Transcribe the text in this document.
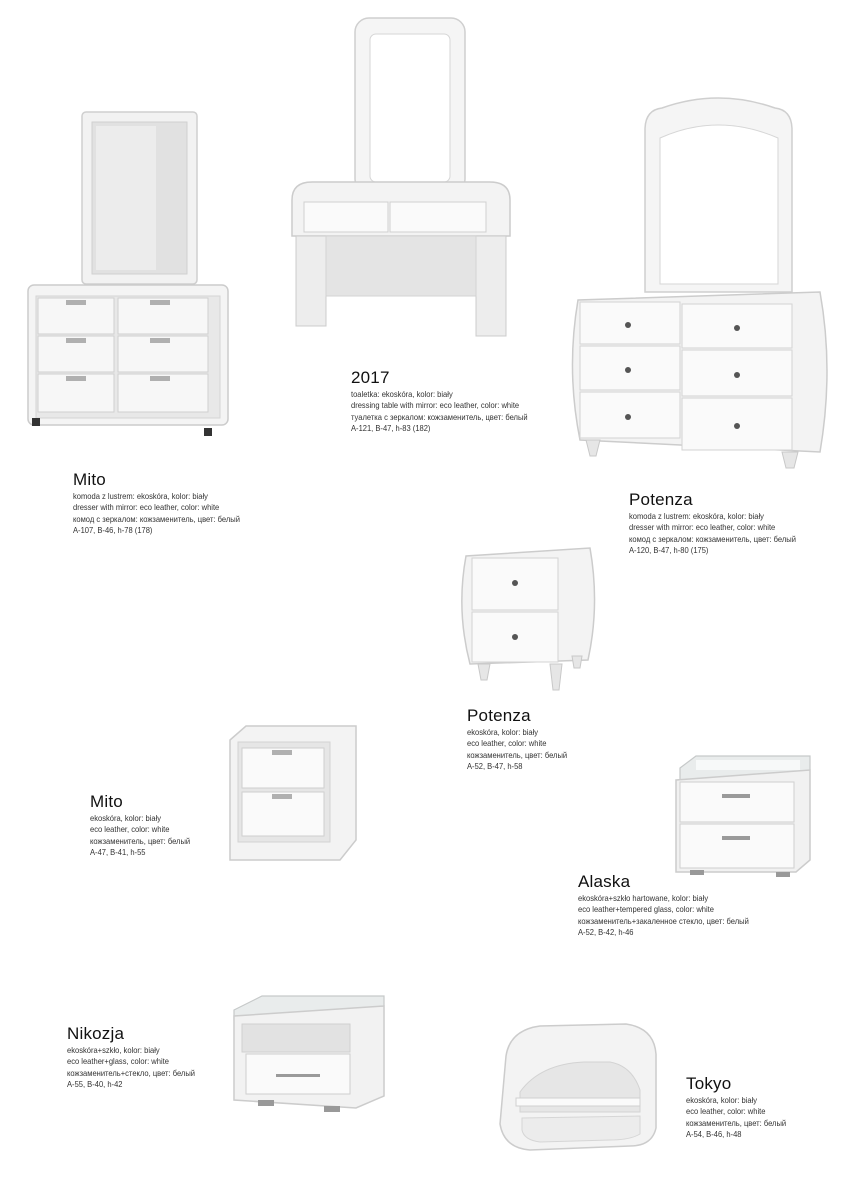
Mito
komoda z lustrem: ekoskóra, kolor: biały
dresser with mirror: eco leather, color: white
комод с зеркалом: кожзаменитель, цвет: белый
A-107, B-46, h-78 (178)
2017
toaletka: ekoskóra, kolor: biały
dressing table with mirror: eco leather, color: white
туалетка с зеркалом: кожзаменитель, цвет: белый
A-121, B-47, h-83 (182)
Potenza
komoda z lustrem: ekoskóra, kolor: biały
dresser with mirror: eco leather, color: white
комод с зеркалом: кожзаменитель, цвет: белый
A-120, B-47, h-80 (175)
Potenza
ekoskóra, kolor: biały
eco leather, color: white
кожзаменитель, цвет: белый
A-52, B-47, h-58
Mito
ekoskóra, kolor: biały
eco leather, color: white
кожзаменитель, цвет: белый
A-47, B-41, h-55
Alaska
ekoskóra+szkło hartowane, kolor: biały
eco leather+tempered glass, color: white
кожзаменитель+закаленное стекло, цвет: белый
A-52, B-42, h-46
Nikozja
ekoskóra+szkło, kolor: biały
eco leather+glass, color: white
кожзаменитель+стекло, цвет: белый
A-55, B-40, h-42	Tokyo
ekoskóra, kolor: biały
eco leather, color: white
кожзаменитель, цвет: белый
A-54, B-46, h-48
